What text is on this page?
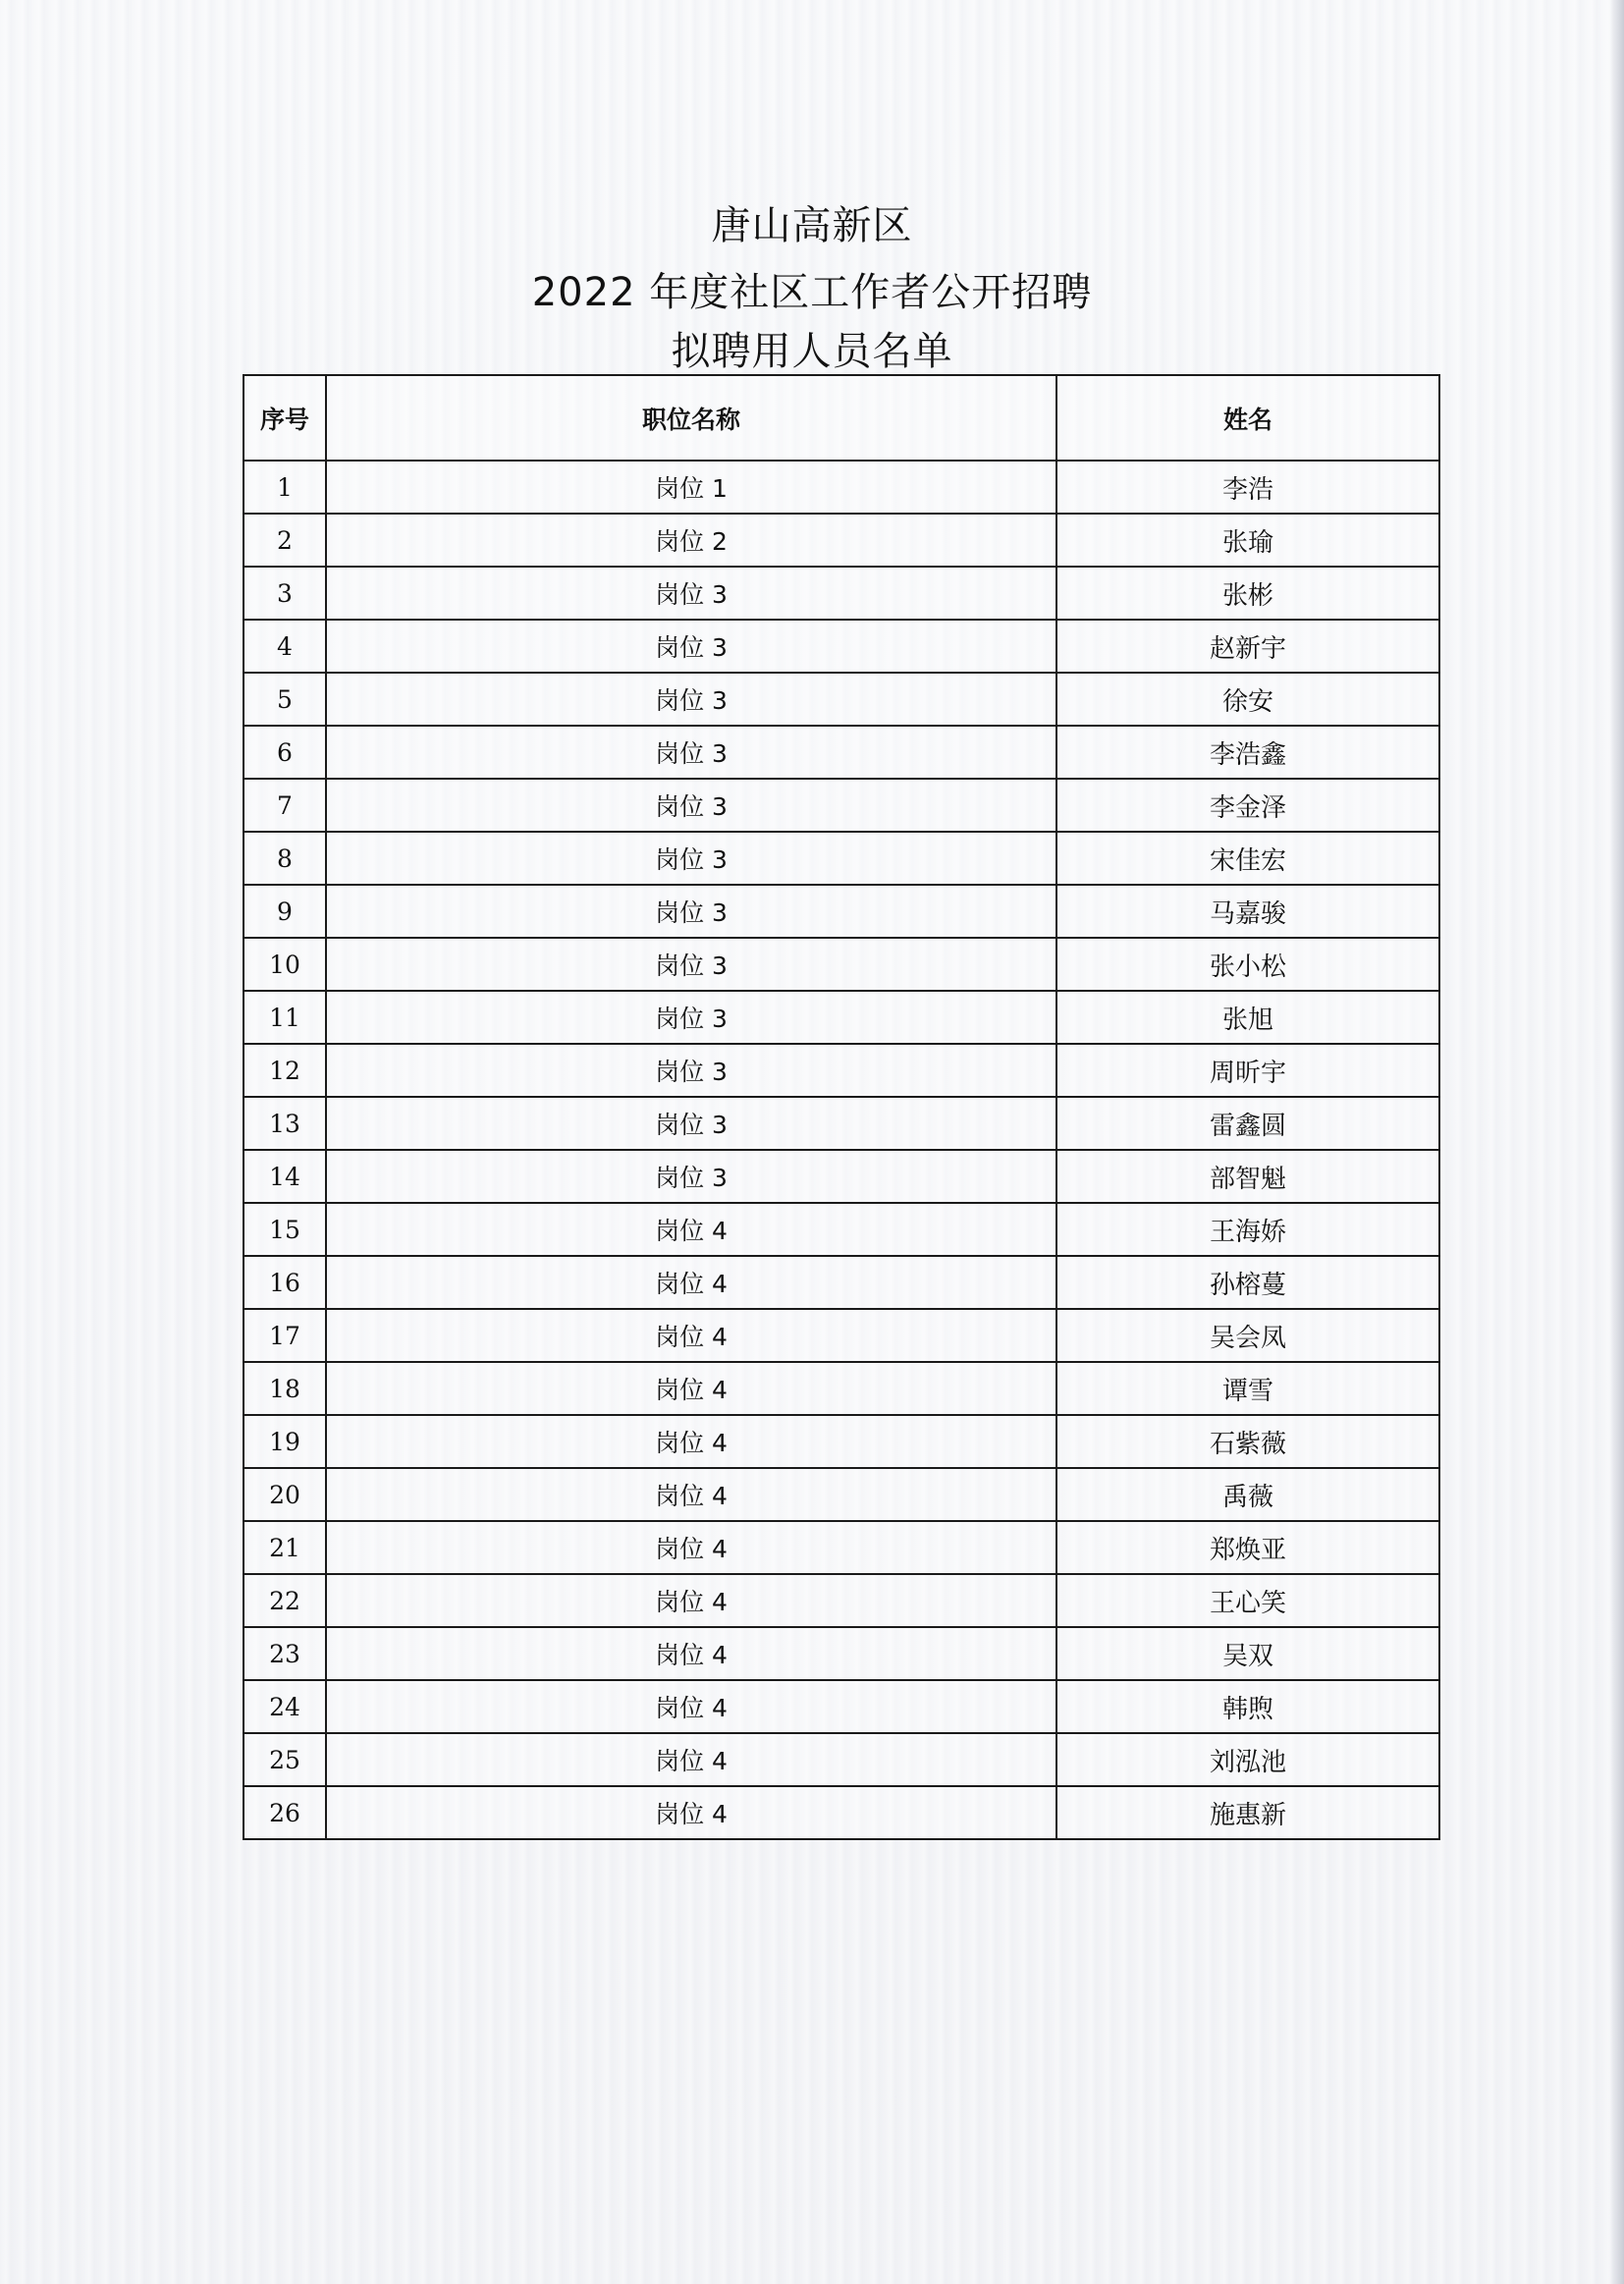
唐山高新区
2022 年度社区工作者公开招聘
拟聘用人员名单
序号	职位名称	姓名
1	岗位 1	李浩
2	岗位 2	张瑜
3	岗位 3	张彬
4	岗位 3	赵新宇
5	岗位 3	徐安
6	岗位 3	李浩鑫
7	岗位 3	李金泽
8	岗位 3	宋佳宏
9	岗位 3	马嘉骏
10	岗位 3	张小松
11	岗位 3	张旭
12	岗位 3	周昕宇
13	岗位 3	雷鑫圆
14	岗位 3	部智魁
15	岗位 4	王海娇
16	岗位 4	孙榕蔓
17	岗位 4	吴会凤
18	岗位 4	谭雪
19	岗位 4	石紫薇
20	岗位 4	禹薇
21	岗位 4	郑焕亚
22	岗位 4	王心笑
23	岗位 4	吴双
24	岗位 4	韩煦
25	岗位 4	刘泓池
26	岗位 4	施惠新
